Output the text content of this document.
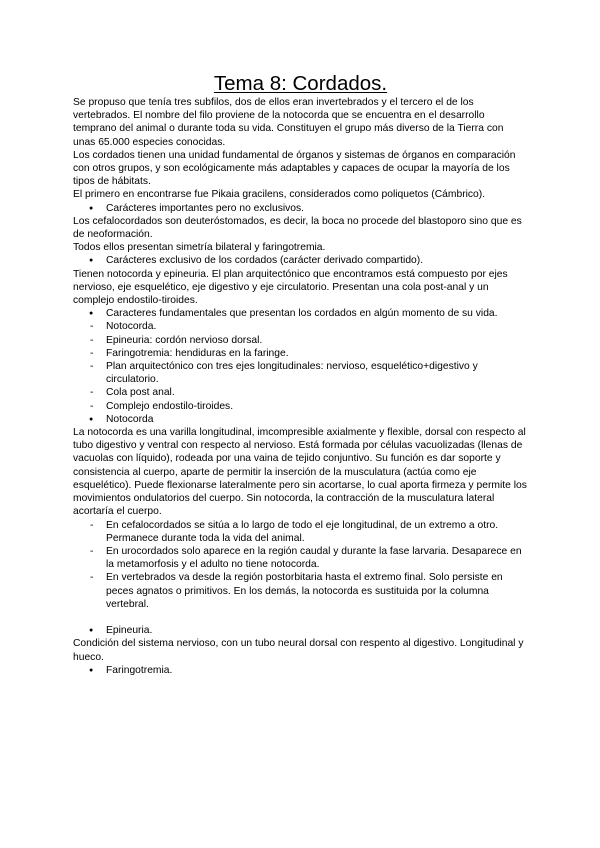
Tema 8: Cordados.

Se propuso que tenía tres subfilos, dos de ellos eran invertebrados y el tercero el de los vertebrados. El nombre del filo proviene de la notocorda que se encuentra en el desarrollo temprano del animal o durante toda su vida. Constituyen el grupo más diverso de la Tierra con unas 65.000 especies conocidas.

Los cordados tienen una unidad fundamental de órganos y sistemas de órganos en comparación con otros grupos, y son ecológicamente más adaptables y capaces de ocupar la mayoría de los tipos de hábitats.

El primero en encontrarse fue Pikaia gracilens, considerados como poliquetos (Cámbrico).

● Carácteres importantes pero no exclusivos.

Los cefalocordados son deuteróstomados, es decir, la boca no procede del blastoporo sino que es de neoformación.

Todos ellos presentan simetría bilateral y faringotremia.

● Carácteres exclusivo de los cordados (carácter derivado compartido).

Tienen notocorda y epineuria. El plan arquitectónico que encontramos está compuesto por ejes nervioso, eje esquelético, eje digestivo y eje circulatorio. Presentan una cola post-anal y un complejo endostilo-tiroides.

● Caracteres fundamentales que presentan los cordados en algún momento de su vida.
- Notocorda.
- Epineuria: cordón nervioso dorsal.
- Faringotremia: hendiduras en la faringe.
- Plan arquitectónico con tres ejes longitudinales: nervioso, esquelético+digestivo y circulatorio.
- Cola post anal.
- Complejo endostilo-tiroides.
● Notocorda

La notocorda es una varilla longitudinal, imcompresible axialmente y flexible, dorsal con respecto al tubo digestivo y ventral con respecto al nervioso. Está formada por células vacuolizadas (llenas de vacuolas con líquido), rodeada por una vaina de tejido conjuntivo. Su función es dar soporte y consistencia al cuerpo, aparte de permitir la inserción de la musculatura (actúa como eje esquelético). Puede flexionarse lateralmente pero sin acortarse, lo cual aporta firmeza y permite los movimientos ondulatorios del cuerpo. Sin notocorda, la contracción de la musculatura lateral acortaría el cuerpo.

- En cefalocordados se sitúa a lo largo de todo el eje longitudinal, de un extremo a otro. Permanece durante toda la vida del animal.
- En urocordados solo aparece en la región caudal y durante la fase larvaria. Desaparece en la metamorfosis y el adulto no tiene notocorda.
- En vertebrados va desde la región postorbitaria hasta el extremo final. Solo persiste en peces agnatos o primitivos. En los demás, la notocorda es sustituida por la columna vertebral.
● Epineuria.

Condición del sistema nervioso, con un tubo neural dorsal con respento al digestivo. Longitudinal y hueco.

● Faringotremia.
